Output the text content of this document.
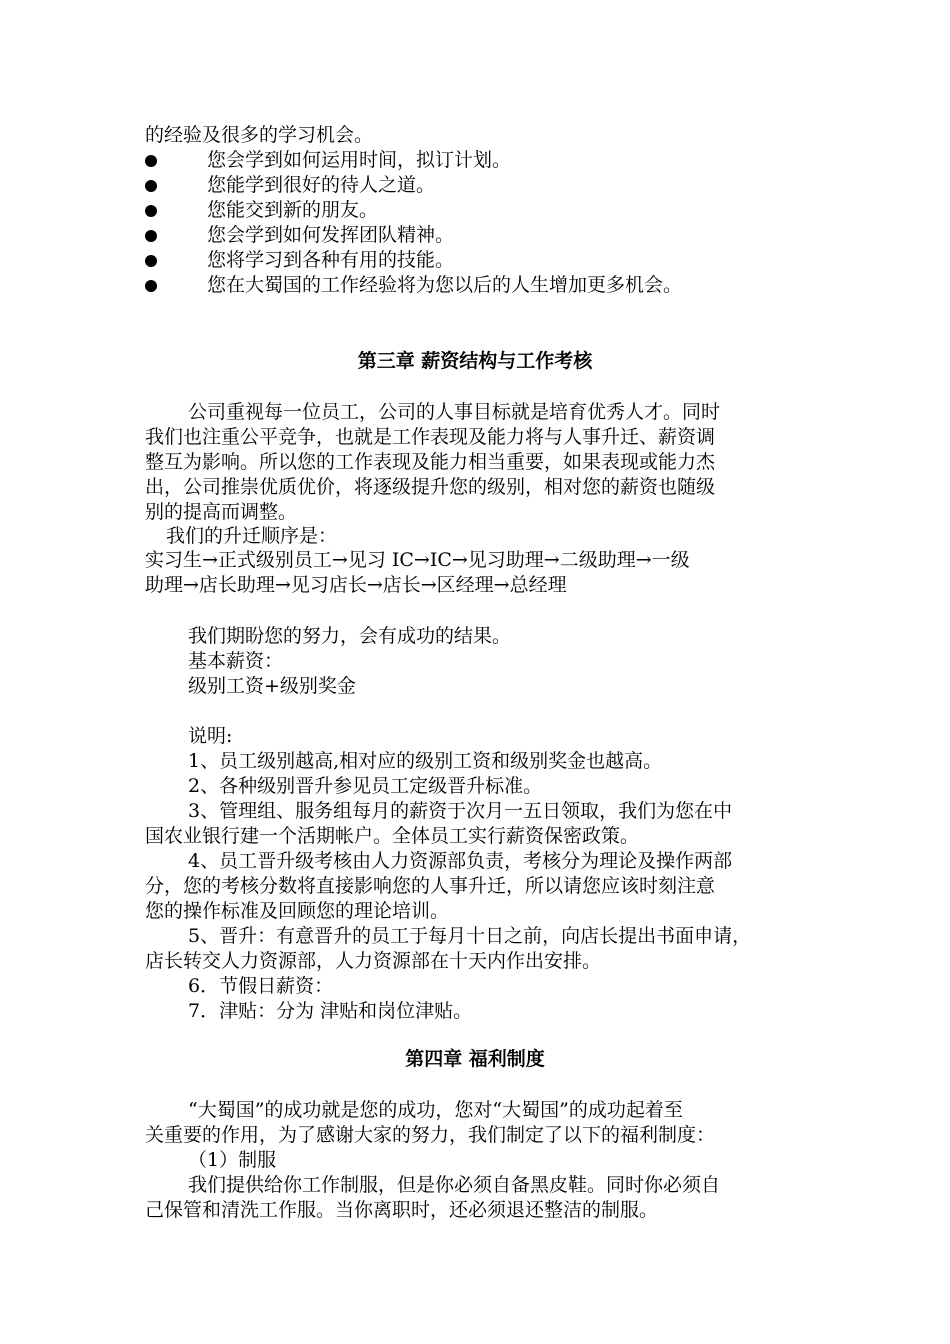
的经验及很多的学习机会。
您会学到如何运用时间，拟订计划。
您能学到很好的待人之道。
您能交到新的朋友。
您会学到如何发挥团队精神。
您将学习到各种有用的技能。
您在大蜀国的工作经验将为您以后的人生增加更多机会。
第三章 薪资结构与工作考核
公司重视每一位员工，公司的人事目标就是培育优秀人才。同时
我们也注重公平竞争，也就是工作表现及能力将与人事升迁、薪资调
整互为影响。所以您的工作表现及能力相当重要，如果表现或能力杰
出，公司推崇优质优价，将逐级提升您的级别，相对您的薪资也随级
别的提高而调整。
我们的升迁顺序是：
实习生→正式级别员工→见习 IC→IC→见习助理→二级助理→一级
助理→店长助理→见习店长→店长→区经理→总经理
我们期盼您的努力，会有成功的结果。
基本薪资：
级别工资+级别奖金
说明:
1、员工级别越高,相对应的级别工资和级别奖金也越高。
2、各种级别晋升参见员工定级晋升标准。
3、管理组、服务组每月的薪资于次月一五日领取，我们为您在中
国农业银行建一个活期帐户。全体员工实行薪资保密政策。
4、员工晋升级考核由人力资源部负责，考核分为理论及操作两部
分，您的考核分数将直接影响您的人事升迁，所以请您应该时刻注意
您的操作标准及回顾您的理论培训。
5、晋升：有意晋升的员工于每月十日之前，向店长提出书面申请，
店长转交人力资源部，人力资源部在十天内作出安排。
6．节假日薪资：
7．津贴：分为 津贴和岗位津贴。
第四章 福利制度
“大蜀国”的成功就是您的成功，您对“大蜀国”的成功起着至
关重要的作用，为了感谢大家的努力，我们制定了以下的福利制度：
（1）制服
我们提供给你工作制服，但是你必须自备黑皮鞋。同时你必须自
己保管和清洗工作服。当你离职时，还必须退还整洁的制服。
